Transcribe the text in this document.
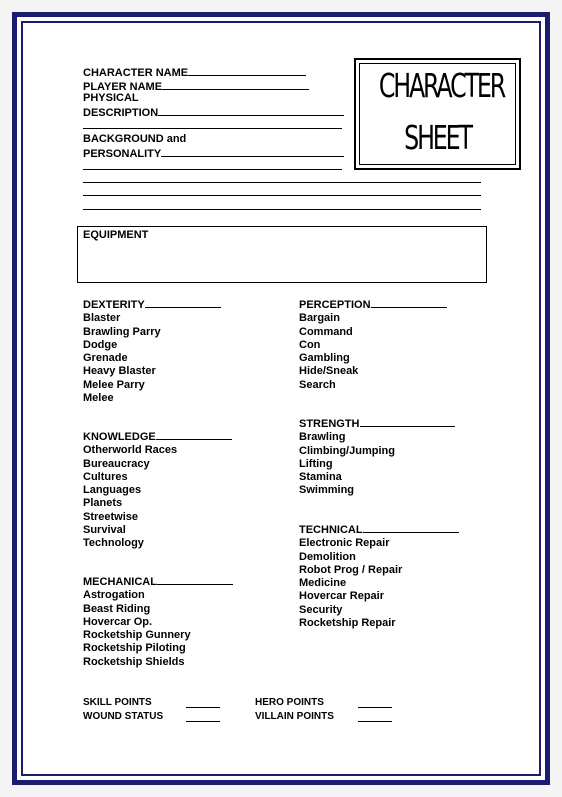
CHARACTER NAME
PLAYER NAME
PHYSICAL
DESCRIPTION
BACKGROUND and
PERSONALITY
CHARACTER
SHEET
EQUIPMENT
DEXTERITY
Blaster
Brawling Parry
Dodge
Grenade
Heavy Blaster
Melee Parry
Melee
KNOWLEDGE
Otherworld Races
Bureaucracy
Cultures
Languages
Planets
Streetwise
Survival
Technology
MECHANICAL
Astrogation
Beast Riding
Hovercar Op.
Rocketship Gunnery
Rocketship Piloting
Rocketship Shields
PERCEPTION
Bargain
Command
Con
Gambling
Hide/Sneak
Search
STRENGTH
Brawling
Climbing/Jumping
Lifting
Stamina
Swimming
TECHNICAL
Electronic Repair
Demolition
Robot Prog / Repair
Medicine
Hovercar Repair
Security
Rocketship Repair
SKILL POINTS
WOUND STATUS
HERO POINTS
VILLAIN POINTS
